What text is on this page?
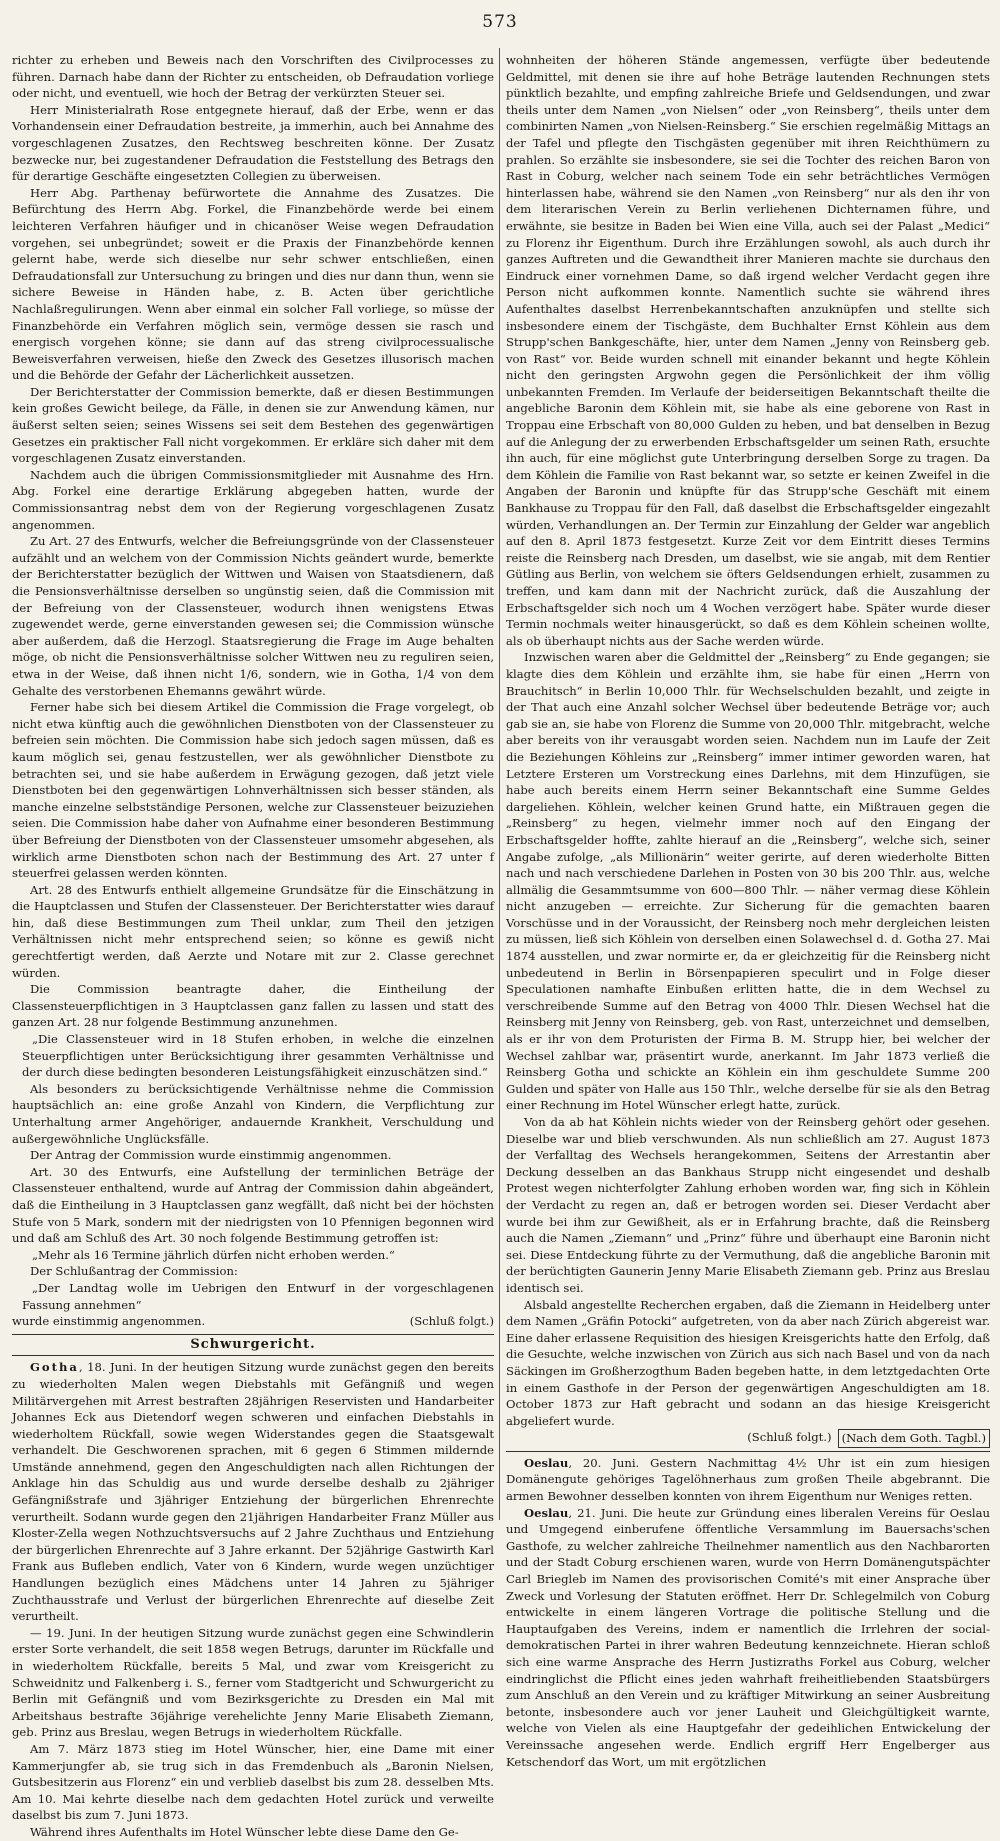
573

richter zu erheben und Beweis nach den Vorschriften des Civilprocesses zu führen. Darnach habe dann der Richter zu entscheiden, ob Defraudation vorliege oder nicht, und eventuell, wie hoch der Betrag der verkürzten Steuer sei.

Herr Ministerialrath Rose entgegnete hierauf, daß der Erbe, wenn er das Vorhandensein einer Defraudation bestreite, ja immerhin, auch bei Annahme des vorgeschlagenen Zusatzes, den Rechtsweg beschreiten könne. Der Zusatz bezwecke nur, bei zugestandener Defraudation die Feststellung des Betrags den für derartige Geschäfte eingesetzten Collegien zu überweisen.

Herr Abg. Parthenay befürwortete die Annahme des Zusatzes. Die Befürchtung des Herrn Abg. Forkel, die Finanzbehörde werde bei einem leichteren Verfahren häufiger und in chicanöser Weise wegen Defraudation vorgehen, sei unbegründet; soweit er die Praxis der Finanzbehörde kennen gelernt habe, werde sich dieselbe nur sehr schwer entschließen, einen Defraudationsfall zur Untersuchung zu bringen und dies nur dann thun, wenn sie sichere Beweise in Händen habe, z. B. Acten über gerichtliche Nachlaßregulirungen. Wenn aber einmal ein solcher Fall vorliege, so müsse der Finanzbehörde ein Verfahren möglich sein, vermöge dessen sie rasch und energisch vorgehen könne; sie dann auf das streng civilprocessualische Beweisverfahren verweisen, hieße den Zweck des Gesetzes illusorisch machen und die Behörde der Gefahr der Lächerlichkeit aussetzen.

Der Berichterstatter der Commission bemerkte, daß er diesen Bestimmungen kein großes Gewicht beilege, da Fälle, in denen sie zur Anwendung kämen, nur äußerst selten seien; seines Wissens sei seit dem Bestehen des gegenwärtigen Gesetzes ein praktischer Fall nicht vorgekommen. Er erkläre sich daher mit dem vorgeschlagenen Zusatz einverstanden.

Nachdem auch die übrigen Commissionsmitglieder mit Ausnahme des Hrn. Abg. Forkel eine derartige Erklärung abgegeben hatten, wurde der Commissionsantrag nebst dem von der Regierung vorgeschlagenen Zusatz angenommen.

Zu Art. 27 des Entwurfs, welcher die Befreiungsgründe von der Classensteuer aufzählt und an welchem von der Commission Nichts geändert wurde, bemerkte der Berichterstatter bezüglich der Wittwen und Waisen von Staatsdienern, daß die Pensionsverhältnisse derselben so ungünstig seien, daß die Commission mit der Befreiung von der Classensteuer, wodurch ihnen wenigstens Etwas zugewendet werde, gerne einverstanden gewesen sei; die Commission wünsche aber außerdem, daß die Herzogl. Staatsregierung die Frage im Auge behalten möge, ob nicht die Pensionsverhältnisse solcher Wittwen neu zu reguliren seien, etwa in der Weise, daß ihnen nicht 1/6, sondern, wie in Gotha, 1/4 von dem Gehalte des verstorbenen Ehemanns gewährt würde.

Ferner habe sich bei diesem Artikel die Commission die Frage vorgelegt, ob nicht etwa künftig auch die gewöhnlichen Dienstboten von der Classensteuer zu befreien sein möchten. Die Commission habe sich jedoch sagen müssen, daß es kaum möglich sei, genau festzustellen, wer als gewöhnlicher Dienstbote zu betrachten sei, und sie habe außerdem in Erwägung gezogen, daß jetzt viele Dienstboten bei den gegenwärtigen Lohnverhältnissen sich besser ständen, als manche einzelne selbstständige Personen, welche zur Classensteuer beizuziehen seien. Die Commission habe daher von Aufnahme einer besonderen Bestimmung über Befreiung der Dienstboten von der Classensteuer umsomehr abgesehen, als wirklich arme Dienstboten schon nach der Bestimmung des Art. 27 unter f steuerfrei gelassen werden könnten.

Art. 28 des Entwurfs enthielt allgemeine Grundsätze für die Einschätzung in die Hauptclassen und Stufen der Classensteuer. Der Berichterstatter wies darauf hin, daß diese Bestimmungen zum Theil unklar, zum Theil den jetzigen Verhältnissen nicht mehr entsprechend seien; so könne es gewiß nicht gerechtfertigt werden, daß Aerzte und Notare mit zur 2. Classe gerechnet würden.

Die Commission beantragte daher, die Eintheilung der Classensteuerpflichtigen in 3 Hauptclassen ganz fallen zu lassen und statt des ganzen Art. 28 nur folgende Bestimmung anzunehmen.

„Die Classensteuer wird in 18 Stufen erhoben, in welche die einzelnen Steuerpflichtigen unter Berücksichtigung ihrer gesammten Verhältnisse und der durch diese bedingten besonderen Leistungsfähigkeit einzuschätzen sind.“

Als besonders zu berücksichtigende Verhältnisse nehme die Commission hauptsächlich an: eine große Anzahl von Kindern, die Verpflichtung zur Unterhaltung armer Angehöriger, andauernde Krankheit, Verschuldung und außergewöhnliche Unglücksfälle.

Der Antrag der Commission wurde einstimmig angenommen.

Art. 30 des Entwurfs, eine Aufstellung der terminlichen Beträge der Classensteuer enthaltend, wurde auf Antrag der Commission dahin abgeändert, daß die Eintheilung in 3 Hauptclassen ganz wegfällt, daß nicht bei der höchsten Stufe von 5 Mark, sondern mit der niedrigsten von 10 Pfennigen begonnen wird und daß am Schluß des Art. 30 noch folgende Bestimmung getroffen ist:

„Mehr als 16 Termine jährlich dürfen nicht erhoben werden.“

Der Schlußantrag der Commission:

„Der Landtag wolle im Uebrigen den Entwurf in der vorgeschlagenen Fassung annehmen“

wurde einstimmig angenommen.	(Schluß folgt.)
Schwurgericht.

Gotha, 18. Juni. In der heutigen Sitzung wurde zunächst gegen den bereits zu wiederholten Malen wegen Diebstahls mit Gefängniß und wegen Militärvergehen mit Arrest bestraften 28jährigen Reservisten und Handarbeiter Johannes Eck aus Dietendorf wegen schweren und einfachen Diebstahls in wiederholtem Rückfall, sowie wegen Widerstandes gegen die Staatsgewalt verhandelt. Die Geschworenen sprachen, mit 6 gegen 6 Stimmen mildernde Umstände annehmend, gegen den Angeschuldigten nach allen Richtungen der Anklage hin das Schuldig aus und wurde derselbe deshalb zu 2jähriger Gefängnißstrafe und 3jähriger Entziehung der bürgerlichen Ehrenrechte verurtheilt. Sodann wurde gegen den 21jährigen Handarbeiter Franz Müller aus Kloster-Zella wegen Nothzuchtsversuchs auf 2 Jahre Zuchthaus und Entziehung der bürgerlichen Ehrenrechte auf 3 Jahre erkannt. Der 52jährige Gastwirth Karl Frank aus Bufleben endlich, Vater von 6 Kindern, wurde wegen unzüchtiger Handlungen bezüglich eines Mädchens unter 14 Jahren zu 5jähriger Zuchthausstrafe und Verlust der bürgerlichen Ehrenrechte auf dieselbe Zeit verurtheilt.

— 19. Juni. In der heutigen Sitzung wurde zunächst gegen eine Schwindlerin erster Sorte verhandelt, die seit 1858 wegen Betrugs, darunter im Rückfalle und in wiederholtem Rückfalle, bereits 5 Mal, und zwar vom Kreisgericht zu Schweidnitz und Falkenberg i. S., ferner vom Stadtgericht und Schwurgericht zu Berlin mit Gefängniß und vom Bezirksgerichte zu Dresden ein Mal mit Arbeitshaus bestrafte 36jährige verehelichte Jenny Marie Elisabeth Ziemann, geb. Prinz aus Breslau, wegen Betrugs in wiederholtem Rückfalle.

Am 7. März 1873 stieg im Hotel Wünscher, hier, eine Dame mit einer Kammerjungfer ab, sie trug sich in das Fremdenbuch als „Baronin Nielsen, Gutsbesitzerin aus Florenz“ ein und verblieb daselbst bis zum 28. desselben Mts. Am 10. Mai kehrte dieselbe nach dem gedachten Hotel zurück und verweilte daselbst bis zum 7. Juni 1873.

Während ihres Aufenthalts im Hotel Wünscher lebte diese Dame den Ge-

wohnheiten der höheren Stände angemessen, verfügte über bedeutende Geldmittel, mit denen sie ihre auf hohe Beträge lautenden Rechnungen stets pünktlich bezahlte, und empfing zahlreiche Briefe und Geldsendungen, und zwar theils unter dem Namen „von Nielsen“ oder „von Reinsberg“, theils unter dem combinirten Namen „von Nielsen-Reinsberg.“ Sie erschien regelmäßig Mittags an der Tafel und pflegte den Tischgästen gegenüber mit ihren Reichthümern zu prahlen. So erzählte sie insbesondere, sie sei die Tochter des reichen Baron von Rast in Coburg, welcher nach seinem Tode ein sehr beträchtliches Vermögen hinterlassen habe, während sie den Namen „von Reinsberg“ nur als den ihr von dem literarischen Verein zu Berlin verliehenen Dichternamen führe, und erwähnte, sie besitze in Baden bei Wien eine Villa, auch sei der Palast „Medici“ zu Florenz ihr Eigenthum. Durch ihre Erzählungen sowohl, als auch durch ihr ganzes Auftreten und die Gewandtheit ihrer Manieren machte sie durchaus den Eindruck einer vornehmen Dame, so daß irgend welcher Verdacht gegen ihre Person nicht aufkommen konnte. Namentlich suchte sie während ihres Aufenthaltes daselbst Herrenbekanntschaften anzuknüpfen und stellte sich insbesondere einem der Tischgäste, dem Buchhalter Ernst Köhlein aus dem Strupp'schen Bankgeschäfte, hier, unter dem Namen „Jenny von Reinsberg geb. von Rast“ vor. Beide wurden schnell mit einander bekannt und hegte Köhlein nicht den geringsten Argwohn gegen die Persönlichkeit der ihm völlig unbekannten Fremden. Im Verlaufe der beiderseitigen Bekanntschaft theilte die angebliche Baronin dem Köhlein mit, sie habe als eine geborene von Rast in Troppau eine Erbschaft von 80,000 Gulden zu heben, und bat denselben in Bezug auf die Anlegung der zu erwerbenden Erbschaftsgelder um seinen Rath, ersuchte ihn auch, für eine möglichst gute Unterbringung derselben Sorge zu tragen. Da dem Köhlein die Familie von Rast bekannt war, so setzte er keinen Zweifel in die Angaben der Baronin und knüpfte für das Strupp'sche Geschäft mit einem Bankhause zu Troppau für den Fall, daß daselbst die Erbschaftsgelder eingezahlt würden, Verhandlungen an. Der Termin zur Einzahlung der Gelder war angeblich auf den 8. April 1873 festgesetzt. Kurze Zeit vor dem Eintritt dieses Termins reiste die Reinsberg nach Dresden, um daselbst, wie sie angab, mit dem Rentier Gütling aus Berlin, von welchem sie öfters Geldsendungen erhielt, zusammen zu treffen, und kam dann mit der Nachricht zurück, daß die Auszahlung der Erbschaftsgelder sich noch um 4 Wochen verzögert habe. Später wurde dieser Termin nochmals weiter hinausgerückt, so daß es dem Köhlein scheinen wollte, als ob überhaupt nichts aus der Sache werden würde.

Inzwischen waren aber die Geldmittel der „Reinsberg“ zu Ende gegangen; sie klagte dies dem Köhlein und erzählte ihm, sie habe für einen „Herrn von Brauchitsch“ in Berlin 10,000 Thlr. für Wechselschulden bezahlt, und zeigte in der That auch eine Anzahl solcher Wechsel über bedeutende Beträge vor; auch gab sie an, sie habe von Florenz die Summe von 20,000 Thlr. mitgebracht, welche aber bereits von ihr verausgabt worden seien. Nachdem nun im Laufe der Zeit die Beziehungen Köhleins zur „Reinsberg“ immer intimer geworden waren, hat Letztere Ersteren um Vorstreckung eines Darlehns, mit dem Hinzufügen, sie habe auch bereits einem Herrn seiner Bekanntschaft eine Summe Geldes dargeliehen. Köhlein, welcher keinen Grund hatte, ein Mißtrauen gegen die „Reinsberg“ zu hegen, vielmehr immer noch auf den Eingang der Erbschaftsgelder hoffte, zahlte hierauf an die „Reinsberg“, welche sich, seiner Angabe zufolge, „als Millionärin“ weiter gerirte, auf deren wiederholte Bitten nach und nach verschiedene Darlehen in Posten von 30 bis 200 Thlr. aus, welche allmälig die Gesammtsumme von 600—800 Thlr. — näher vermag diese Köhlein nicht anzugeben — erreichte. Zur Sicherung für die gemachten baaren Vorschüsse und in der Voraussicht, der Reinsberg noch mehr dergleichen leisten zu müssen, ließ sich Köhlein von derselben einen Solawechsel d. d. Gotha 27. Mai 1874 ausstellen, und zwar normirte er, da er gleichzeitig für die Reinsberg nicht unbedeutend in Berlin in Börsenpapieren speculirt und in Folge dieser Speculationen namhafte Einbußen erlitten hatte, die in dem Wechsel zu verschreibende Summe auf den Betrag von 4000 Thlr. Diesen Wechsel hat die Reinsberg mit Jenny von Reinsberg, geb. von Rast, unterzeichnet und demselben, als er ihr von dem Proturisten der Firma B. M. Strupp hier, bei welcher der Wechsel zahlbar war, präsentirt wurde, anerkannt. Im Jahr 1873 verließ die Reinsberg Gotha und schickte an Köhlein ein ihm geschuldete Summe 200 Gulden und später von Halle aus 150 Thlr., welche derselbe für sie als den Betrag einer Rechnung im Hotel Wünscher erlegt hatte, zurück.

Von da ab hat Köhlein nichts wieder von der Reinsberg gehört oder gesehen. Dieselbe war und blieb verschwunden. Als nun schließlich am 27. August 1873 der Verfalltag des Wechsels herangekommen, Seitens der Arrestantin aber Deckung desselben an das Bankhaus Strupp nicht eingesendet und deshalb Protest wegen nichterfolgter Zahlung erhoben worden war, fing sich in Köhlein der Verdacht zu regen an, daß er betrogen worden sei. Dieser Verdacht aber wurde bei ihm zur Gewißheit, als er in Erfahrung brachte, daß die Reinsberg auch die Namen „Ziemann“ und „Prinz“ führe und überhaupt eine Baronin nicht sei. Diese Entdeckung führte zu der Vermuthung, daß die angebliche Baronin mit der berüchtigten Gaunerin Jenny Marie Elisabeth Ziemann geb. Prinz aus Breslau identisch sei.

Alsbald angestellte Recherchen ergaben, daß die Ziemann in Heidelberg unter dem Namen „Gräfin Potocki“ aufgetreten, von da aber nach Zürich abgereist war. Eine daher erlassene Requisition des hiesigen Kreisgerichts hatte den Erfolg, daß die Gesuchte, welche inzwischen von Zürich aus sich nach Basel und von da nach Säckingen im Großherzogthum Baden begeben hatte, in dem letztgedachten Orte in einem Gasthofe in der Person der gegenwärtigen Angeschuldigten am 18. October 1873 zur Haft gebracht und sodann an das hiesige Kreisgericht abgeliefert wurde.

(Schluß folgt.) (Nach dem Goth. Tagbl.)

Oeslau, 20. Juni. Gestern Nachmittag 4½ Uhr ist ein zum hiesigen Domänengute gehöriges Tagelöhnerhaus zum großen Theile abgebrannt. Die armen Bewohner desselben konnten von ihrem Eigenthum nur Weniges retten.

Oeslau, 21. Juni. Die heute zur Gründung eines liberalen Vereins für Oeslau und Umgegend einberufene öffentliche Versammlung im Bauersachs'schen Gasthofe, zu welcher zahlreiche Theilnehmer namentlich aus den Nachbarorten und der Stadt Coburg erschienen waren, wurde von Herrn Domänengutspächter Carl Briegleb im Namen des provisorischen Comité's mit einer Ansprache über Zweck und Vorlesung der Statuten eröffnet. Herr Dr. Schlegelmilch von Coburg entwickelte in einem längeren Vortrage die politische Stellung und die Hauptaufgaben des Vereins, indem er namentlich die Irrlehren der social-demokratischen Partei in ihrer wahren Bedeutung kennzeichnete. Hieran schloß sich eine warme Ansprache des Herrn Justizraths Forkel aus Coburg, welcher eindringlichst die Pflicht eines jeden wahrhaft freiheitliebenden Staatsbürgers zum Anschluß an den Verein und zu kräftiger Mitwirkung an seiner Ausbreitung betonte, insbesondere auch vor jener Lauheit und Gleichgültigkeit warnte, welche von Vielen als eine Hauptgefahr der gedeihlichen Entwickelung der Vereinssache angesehen werde. Endlich ergriff Herr Engelberger aus Ketschendorf das Wort, um mit ergötzlichen
